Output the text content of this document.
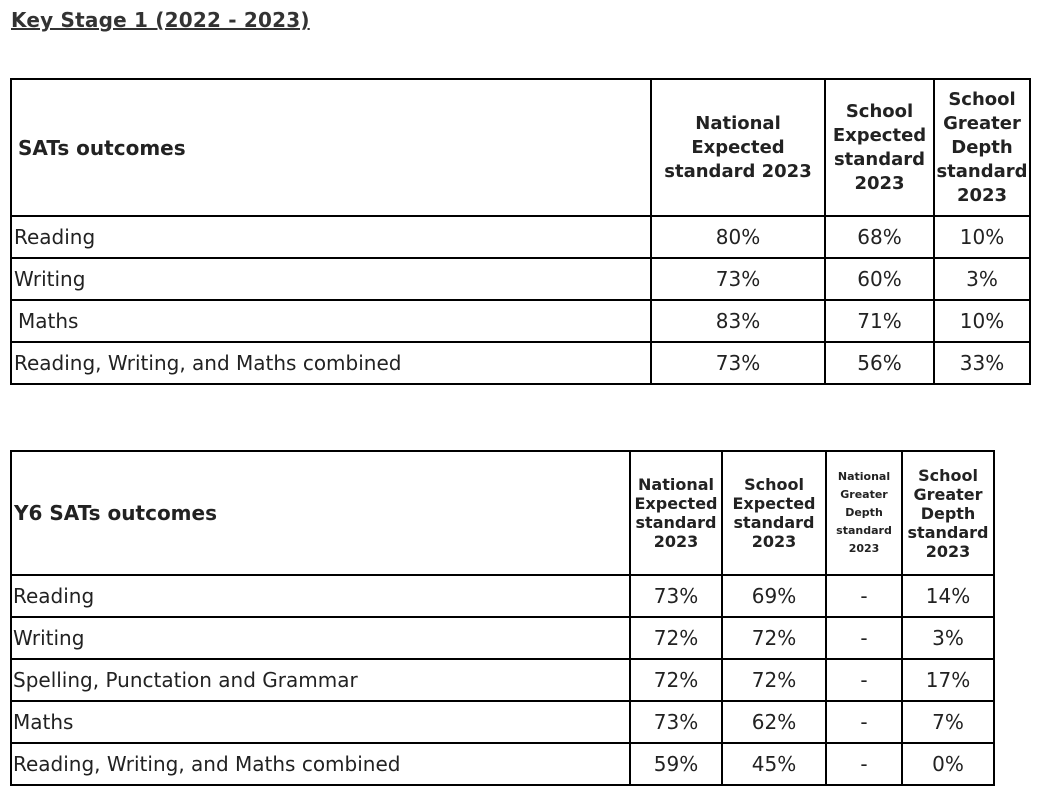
Key Stage 1 (2022 - 2023)
SATs outcomes	National Expected standard 2023	School Expected standard 2023	School Greater Depth standard 2023
Reading	80%	68%	10%
Writing	73%	60%	3%
Maths	83%	71%	10%
Reading, Writing, and Maths combined	73%	56%	33%
Y6 SATs outcomes	National Expected standard 2023	School Expected standard 2023	National Greater Depth standard 2023	School Greater Depth standard 2023
Reading	73%	69%	-	14%
Writing	72%	72%	-	3%
Spelling, Punctation and Grammar	72%	72%	-	17%
Maths	73%	62%	-	7%
Reading, Writing, and Maths combined	59%	45%	-	0%
